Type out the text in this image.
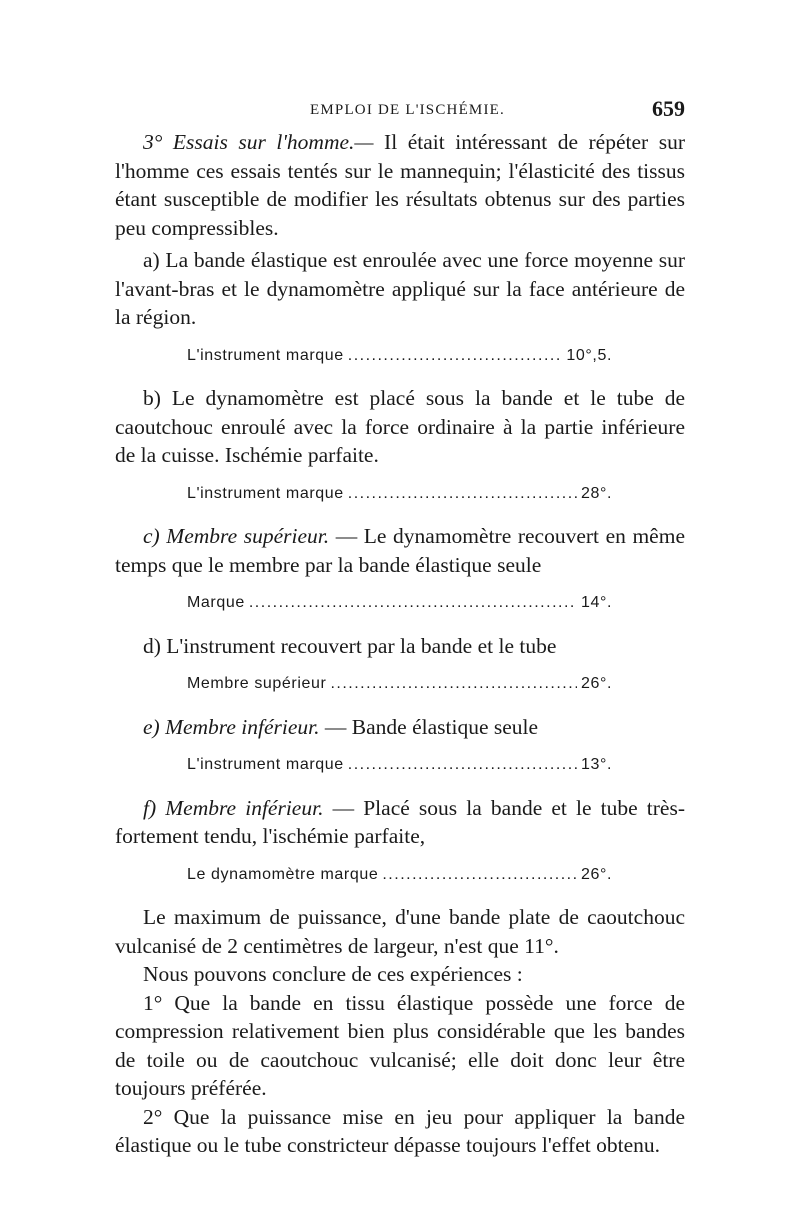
EMPLOI DE L'ISCHÉMIE.	659

3° Essais sur l'homme.— Il était intéressant de répéter sur l'homme ces essais tentés sur le mannequin; l'élasticité des tissus étant susceptible de modifier les résultats obtenus sur des parties peu compressibles.

a) La bande élastique est enroulée avec une force moyenne sur l'avant-bras et le dynamomètre appliqué sur la face antérieure de la région.

L'instrument marque .....	10°,5.

b) Le dynamomètre est placé sous la bande et le tube de caoutchouc enroulé avec la force ordinaire à la partie inférieure de la cuisse. Ischémie parfaite.

L'instrument marque .....	28°.

c) Membre supérieur. — Le dynamomètre recouvert en même temps que le membre par la bande élastique seule

Marque .....	14°.

d) L'instrument recouvert par la bande et le tube

Membre supérieur .....	26°.

e) Membre inférieur. — Bande élastique seule

L'instrument marque .....	13°.

f) Membre inférieur. — Placé sous la bande et le tube très-fortement tendu, l'ischémie parfaite,

Le dynamomètre marque .....	26°.

Le maximum de puissance, d'une bande plate de caoutchouc vulcanisé de 2 centimètres de largeur, n'est que 11°.

Nous pouvons conclure de ces expériences :

1° Que la bande en tissu élastique possède une force de compression relativement bien plus considérable que les bandes de toile ou de caoutchouc vulcanisé; elle doit donc leur être toujours préférée.

2° Que la puissance mise en jeu pour appliquer la bande élastique ou le tube constricteur dépasse toujours l'effet obtenu.
